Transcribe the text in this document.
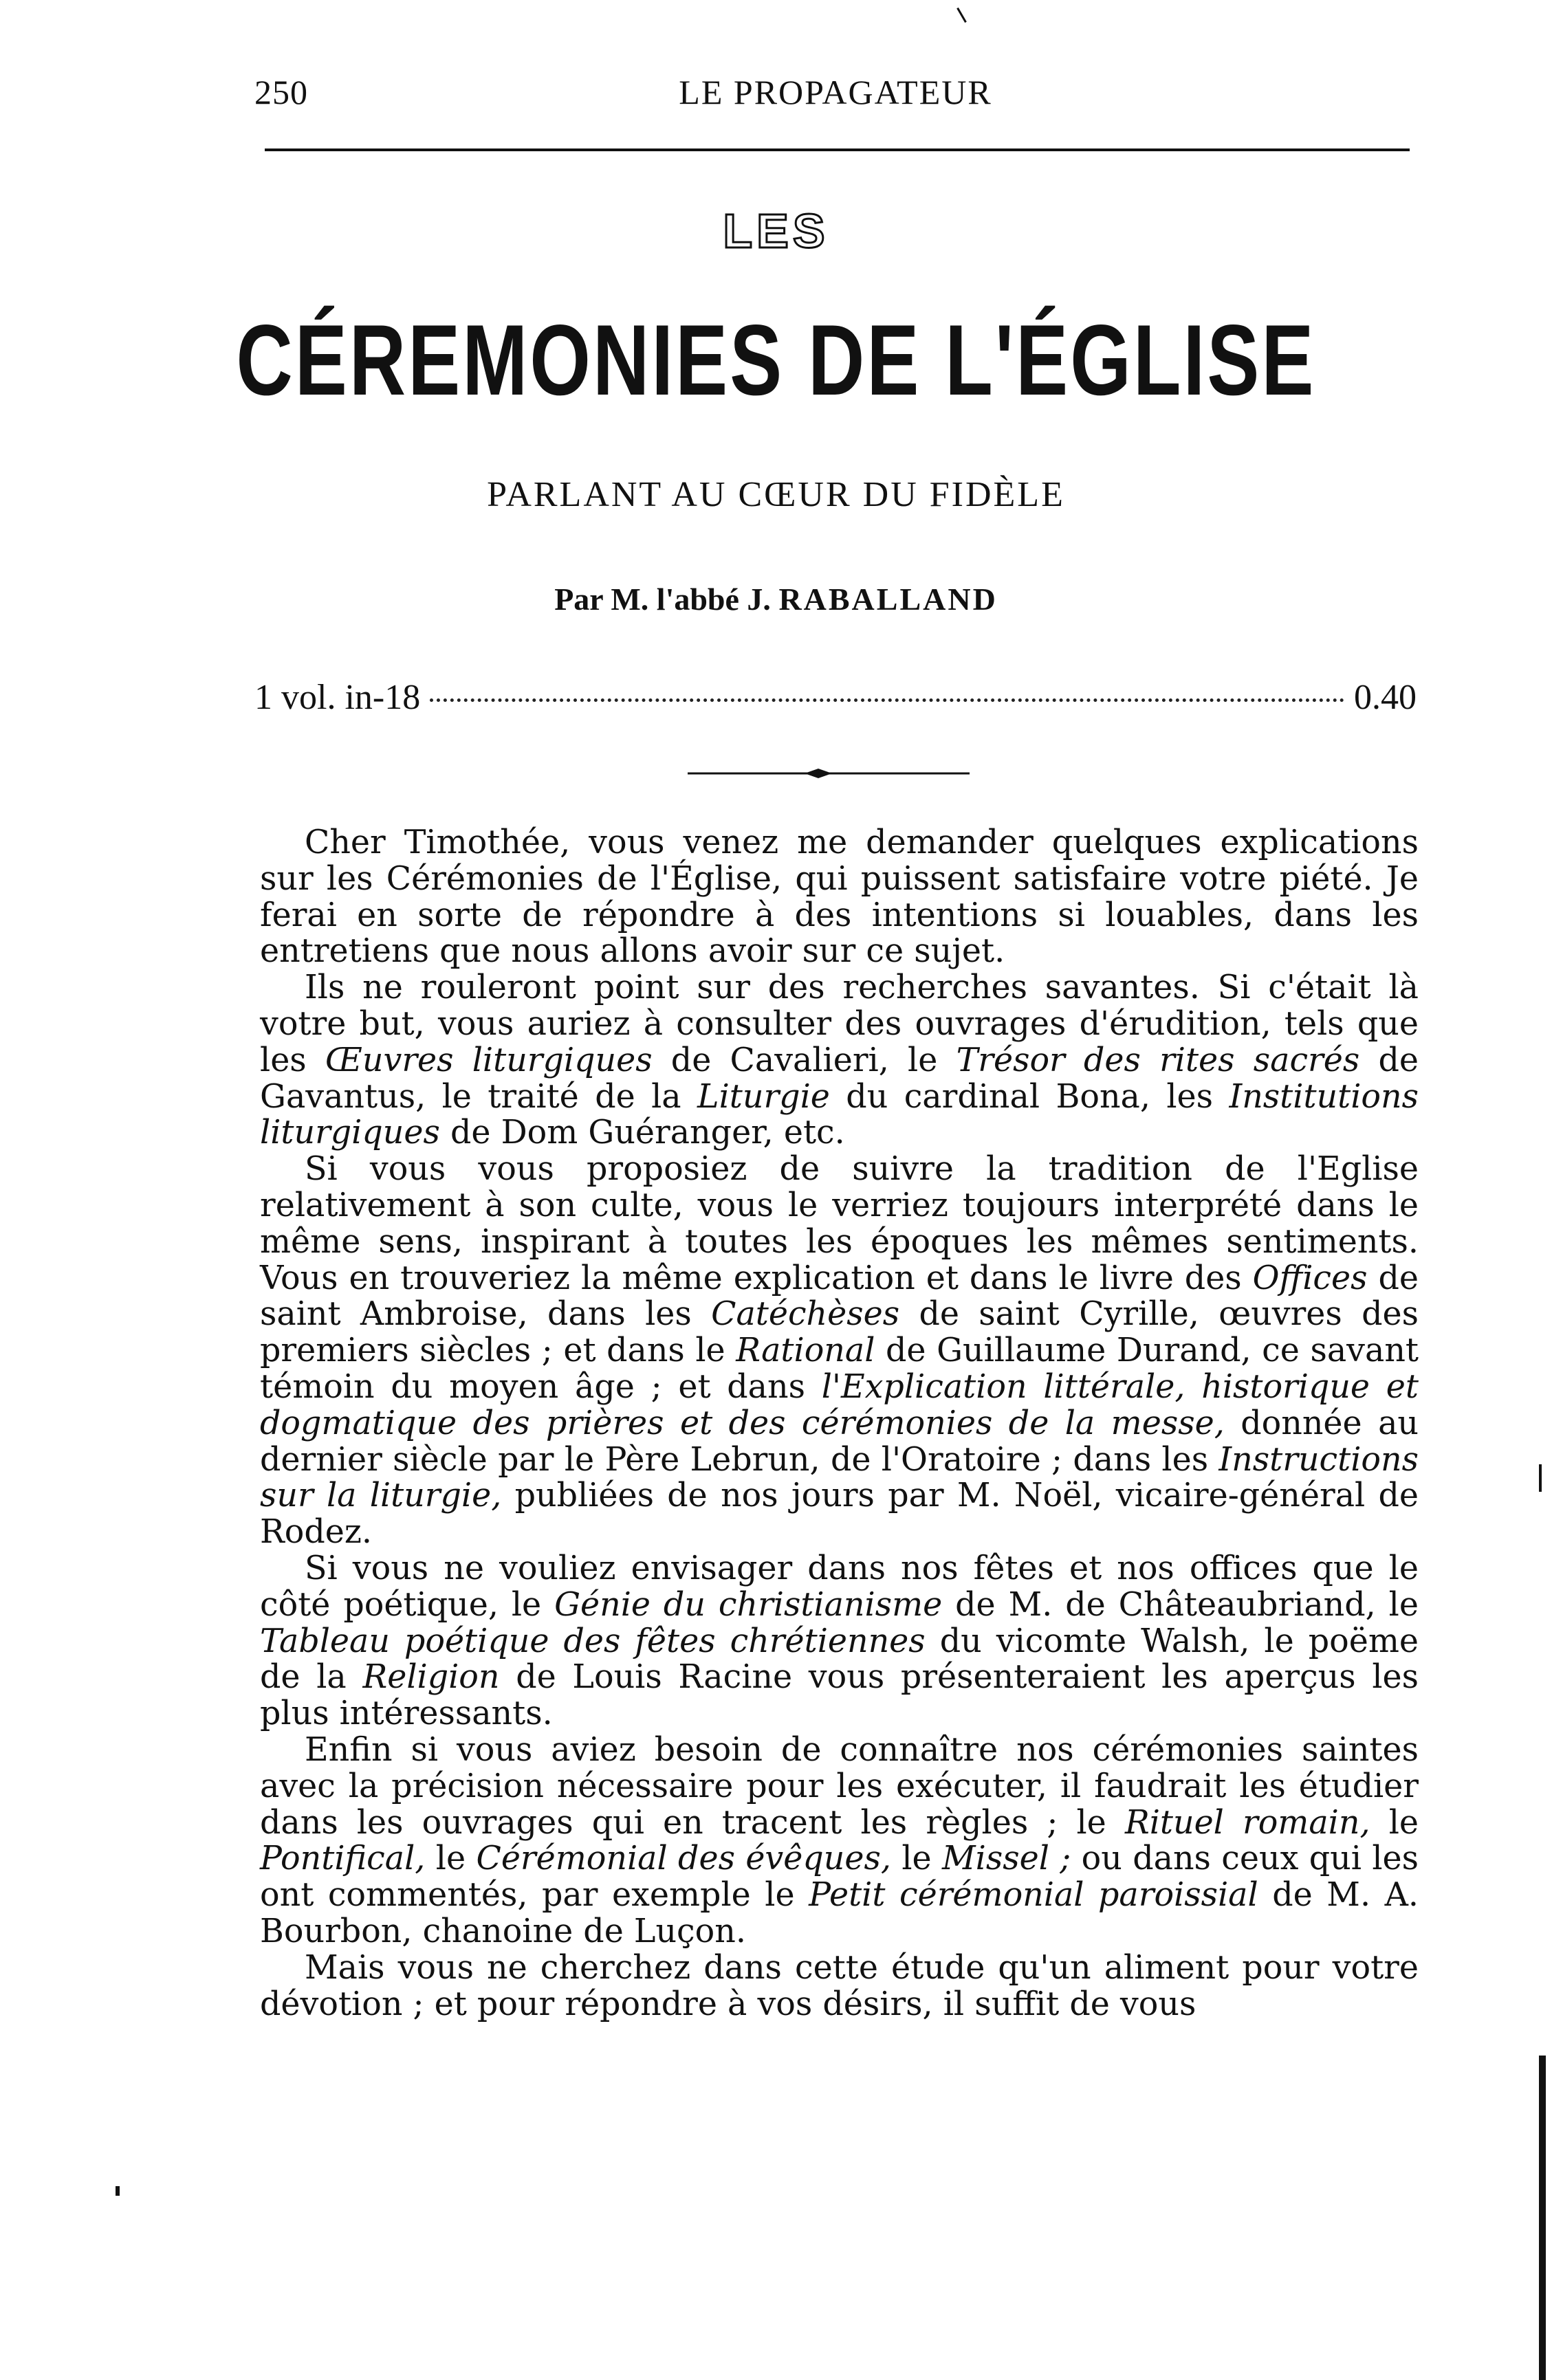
250	LE PROPAGATEUR
LES
CÉREMONIES DE L'ÉGLISE
PARLANT AU CŒUR DU FIDÈLE
Par M. l'abbé J. RABALLAND
1 vol. in-18	0.40

Cher Timothée, vous venez me demander quelques explications sur les Cérémonies de l'Église, qui puissent satisfaire votre piété. Je ferai en sorte de répondre à des intentions si louables, dans les entretiens que nous allons avoir sur ce sujet.

Ils ne rouleront point sur des recherches savantes. Si c'était là votre but, vous auriez à consulter des ouvrages d'érudition, tels que les Œuvres liturgiques de Cavalieri, le Trésor des rites sacrés de Gavantus, le traité de la Liturgie du cardinal Bona, les Institutions liturgiques de Dom Guéranger, etc.

Si vous vous proposiez de suivre la tradition de l'Eglise relativement à son culte, vous le verriez toujours interprété dans le même sens, inspirant à toutes les époques les mêmes sentiments. Vous en trouveriez la même explication et dans le livre des Offices de saint Ambroise, dans les Catéchèses de saint Cyrille, œuvres des premiers siècles ; et dans le Rational de Guillaume Durand, ce savant témoin du moyen âge ; et dans l'Explication littérale, historique et dogmatique des prières et des cérémonies de la messe, donnée au dernier siècle par le Père Lebrun, de l'Oratoire ; dans les Instructions sur la liturgie, publiées de nos jours par M. Noël, vicaire-général de Rodez.

Si vous ne vouliez envisager dans nos fêtes et nos offices que le côté poétique, le Génie du christianisme de M. de Châteaubriand, le Tableau poétique des fêtes chrétiennes du vicomte Walsh, le poëme de la Religion de Louis Racine vous présenteraient les aperçus les plus intéressants.

Enfin si vous aviez besoin de connaître nos cérémonies saintes avec la précision nécessaire pour les exécuter, il faudrait les étudier dans les ouvrages qui en tracent les règles ; le Rituel romain, le Pontifical, le Cérémonial des évêques, le Missel ; ou dans ceux qui les ont commentés, par exemple le Petit cérémonial paroissial de M. A. Bourbon, chanoine de Luçon.

Mais vous ne cherchez dans cette étude qu'un aliment pour votre dévotion ; et pour répondre à vos désirs, il suffit de vous
